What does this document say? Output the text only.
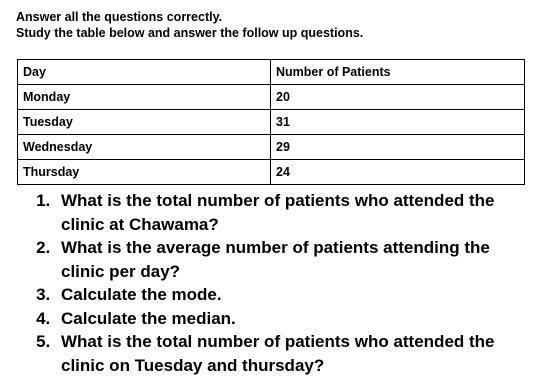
Answer all the questions correctly.
Study the table below and answer the follow up questions.
Day	Number of Patients
Monday	20
Tuesday	31
Wednesday	29
Thursday	24
1. What is the total number of patients who attended the clinic at Chawama?
2. What is the average number of patients attending the clinic per day?
3. Calculate the mode.
4. Calculate the median.
5. What is the total number of patients who attended the clinic on Tuesday and thursday?
